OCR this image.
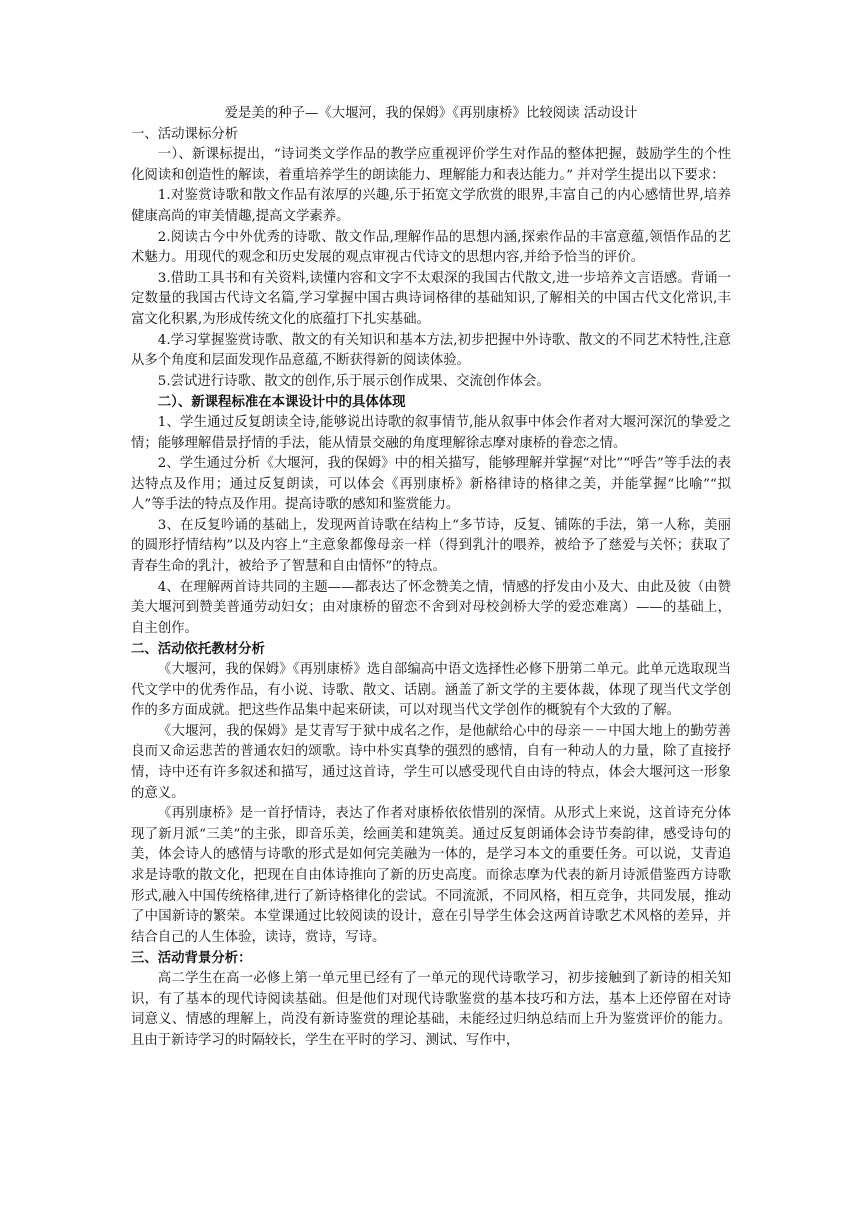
爱是美的种子—《大堰河，我的保姆》《再别康桥》比较阅读 活动设计

一、活动课标分析

一）、新课标提出，“诗词类文学作品的教学应重视评价学生对作品的整体把握，鼓励学生的个性化阅读和创造性的解读，着重培养学生的朗读能力、理解能力和表达能力。” 并对学生提出以下要求：

1.对鉴赏诗歌和散文作品有浓厚的兴趣,乐于拓宽文学欣赏的眼界,丰富自己的内心感情世界,培养健康高尚的审美情趣,提高文学素养。

2.阅读古今中外优秀的诗歌、散文作品,理解作品的思想内涵,探索作品的丰富意蕴,领悟作品的艺术魅力。用现代的观念和历史发展的观点审视古代诗文的思想内容,并给予恰当的评价。

3.借助工具书和有关资料,读懂内容和文字不太艰深的我国古代散文,进一步培养文言语感。背诵一定数量的我国古代诗文名篇,学习掌握中国古典诗词格律的基础知识,了解相关的中国古代文化常识,丰富文化积累,为形成传统文化的底蕴打下扎实基础。

4.学习掌握鉴赏诗歌、散文的有关知识和基本方法,初步把握中外诗歌、散文的不同艺术特性,注意从多个角度和层面发现作品意蕴,不断获得新的阅读体验。

5.尝试进行诗歌、散文的创作,乐于展示创作成果、交流创作体会。

二）、新课程标准在本课设计中的具体体现

1、学生通过反复朗读全诗,能够说出诗歌的叙事情节,能从叙事中体会作者对大堰河深沉的挚爱之情；能够理解借景抒情的手法，能从情景交融的角度理解徐志摩对康桥的眷恋之情。

2、学生通过分析《大堰河，我的保姆》中的相关描写，能够理解并掌握“对比”“呼告”等手法的表达特点及作用；通过反复朗读，可以体会《再别康桥》新格律诗的格律之美，并能掌握“比喻”“拟人”等手法的特点及作用。提高诗歌的感知和鉴赏能力。

3、在反复吟诵的基础上，发现两首诗歌在结构上“多节诗，反复、铺陈的手法，第一人称，美丽的圆形抒情结构”以及内容上“主意象都像母亲一样（得到乳汁的喂养，被给予了慈爱与关怀；获取了青春生命的乳汁，被给予了智慧和自由情怀”的特点。

4、在理解两首诗共同的主题——都表达了怀念赞美之情，情感的抒发由小及大、由此及彼（由赞美大堰河到赞美普通劳动妇女；由对康桥的留恋不舍到对母校剑桥大学的爱恋难离）——的基础上，自主创作。

二、活动依托教材分析

《大堰河，我的保姆》《再别康桥》选自部编高中语文选择性必修下册第二单元。此单元选取现当代文学中的优秀作品，有小说、诗歌、散文、话剧。涵盖了新文学的主要体裁，体现了现当代文学创作的多方面成就。把这些作品集中起来研读，可以对现当代文学创作的概貌有个大致的了解。

《大堰河，我的保姆》是艾青写于狱中成名之作，是他献给心中的母亲－－中国大地上的勤劳善良而又命运悲苦的普通农妇的颂歌。诗中朴实真挚的强烈的感情，自有一种动人的力量，除了直接抒情，诗中还有许多叙述和描写，通过这首诗，学生可以感受现代自由诗的特点，体会大堰河这一形象的意义。

《再别康桥》是一首抒情诗，表达了作者对康桥依依惜别的深情。从形式上来说，这首诗充分体现了新月派“三美”的主张，即音乐美，绘画美和建筑美。通过反复朗诵体会诗节奏韵律，感受诗句的美，体会诗人的感情与诗歌的形式是如何完美融为一体的，是学习本文的重要任务。可以说，艾青追求是诗歌的散文化，把现在自由体诗推向了新的历史高度。而徐志摩为代表的新月诗派借鉴西方诗歌形式,融入中国传统格律,进行了新诗格律化的尝试。不同流派，不同风格，相互竞争，共同发展，推动了中国新诗的繁荣。本堂课通过比较阅读的设计，意在引导学生体会这两首诗歌艺术风格的差异，并结合自己的人生体验，读诗，赏诗，写诗。

三、活动背景分析：

高二学生在高一必修上第一单元里已经有了一单元的现代诗歌学习，初步接触到了新诗的相关知识，有了基本的现代诗阅读基础。但是他们对现代诗歌鉴赏的基本技巧和方法，基本上还停留在对诗词意义、情感的理解上，尚没有新诗鉴赏的理论基础，未能经过归纳总结而上升为鉴赏评价的能力。且由于新诗学习的时隔较长，学生在平时的学习、测试、写作中，
